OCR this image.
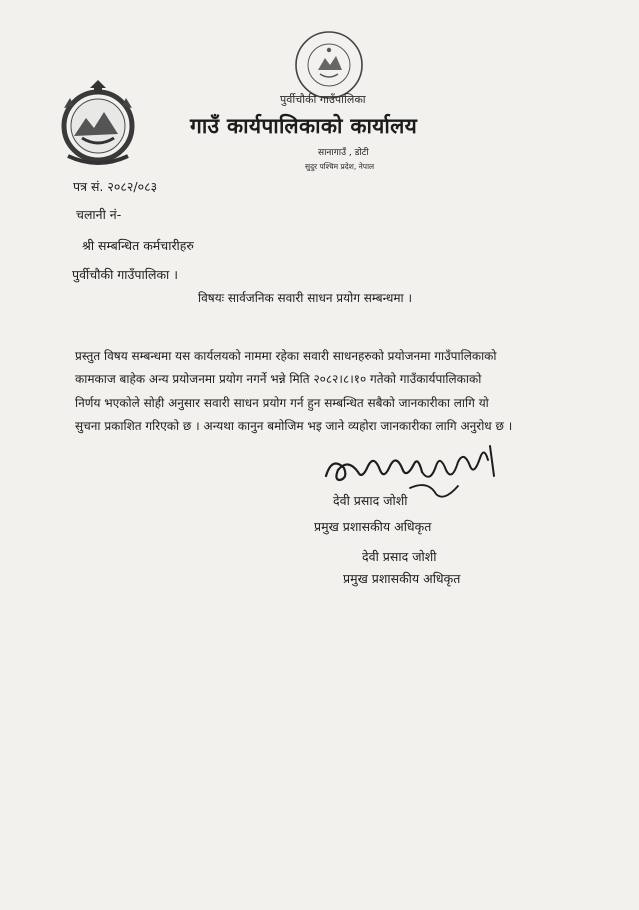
पुर्वीचौकी गाउँपालिका
गाउँ कार्यपालिकाको कार्यालय
सानागाउँ , डोटी
सुदुर पश्चिम प्रदेश, नेपाल
पत्र सं. २०८२/०८३
चलानी नं-
श्री सम्बन्धित कर्मचारीहरु
पुर्वीचौकी गाउँपालिका ।
विषयः सार्वजनिक सवारी साधन प्रयोग सम्बन्धमा ।
प्रस्तुत विषय सम्बन्धमा यस कार्यलयको नाममा रहेका सवारी साधनहरुको प्रयोजनमा गाउँपालिकाको
कामकाज बाहेक अन्य प्रयोजनमा प्रयोग नगर्ने भन्ने मिति २०८२।८।१० गतेको गाउँकार्यपालिकाको
निर्णय भएकोले सोही अनुसार सवारी साधन प्रयोग गर्न हुन सम्बन्धित सबैको जानकारीका लागि यो
सुचना प्रकाशित गरिएको छ । अन्यथा कानुन बमोजिम भइ जाने व्यहोरा जानकारीका लागि अनुरोध छ ।
देवी प्रसाद जोशी
प्रमुख प्रशासकीय अधिकृत
देवी प्रसाद जोशी
प्रमुख प्रशासकीय अधिकृत
